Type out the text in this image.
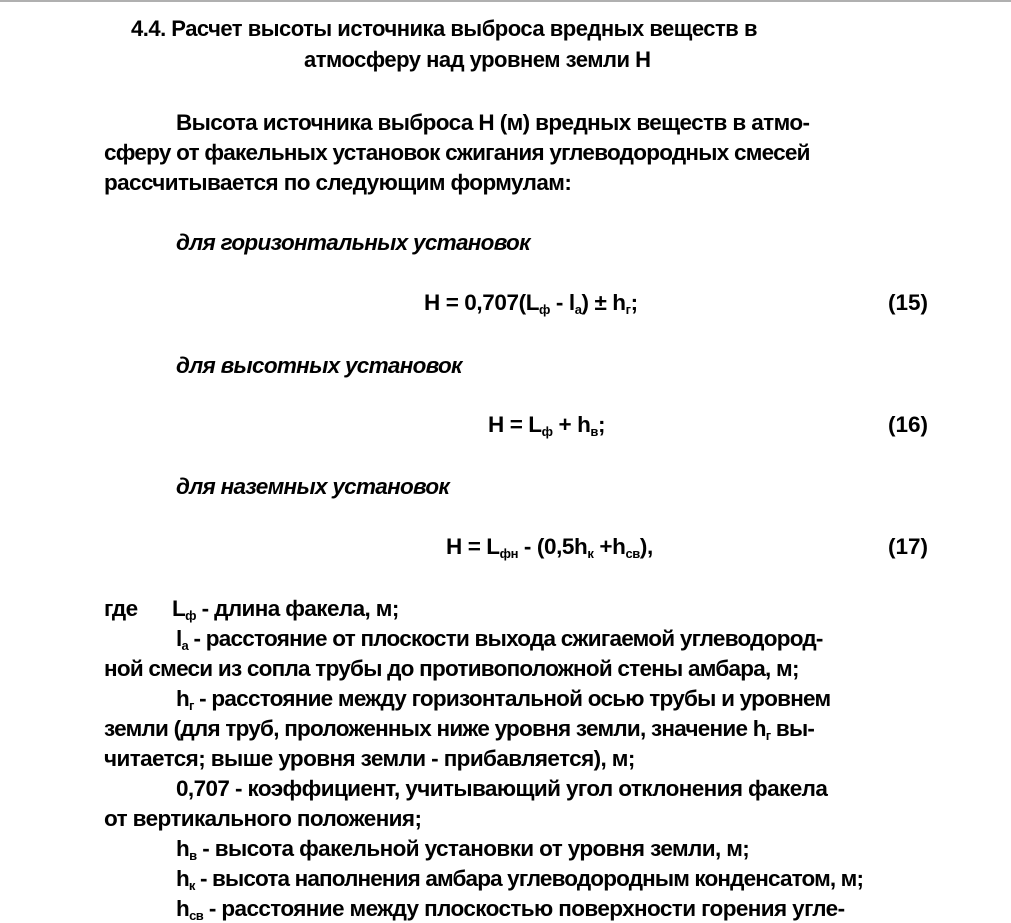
4.4. Расчет высоты источника выброса вредных веществ в
атмосферу над уровнем земли Н
Высота источника выброса Н (м) вредных веществ в атмо-
сферу от факельных установок сжигания углеводородных смесей
рассчитывается по следующим формулам:
для горизонтальных установок
$Н = 0,707(L_ф - l_a) \pm h_г$;	(15)
для высотных установок
$Н = L_ф + h_в$;	(16)
для наземных установок
$Н = L_{фн} - (0,5h_к +h_{св})$,	(17)
где $L_ф$ - длина факела, м;
$l_a$ - расстояние от плоскости выхода сжигаемой углеводород-
ной смеси из сопла трубы до противоположной стены амбара, м;
$h_г$ - расстояние между горизонтальной осью трубы и уровнем
земли (для труб, проложенных ниже уровня земли, значение $h_г$ вы-
читается; выше уровня земли - прибавляется), м;
0,707 - коэффициент, учитывающий угол отклонения факела
от вертикального положения;
$h_в$ - высота факельной установки от уровня земли, м;
$h_к$ - высота наполнения амбара углеводородным конденсатом, м;
$h_{св}$ - расстояние между плоскостью поверхности горения угле-
